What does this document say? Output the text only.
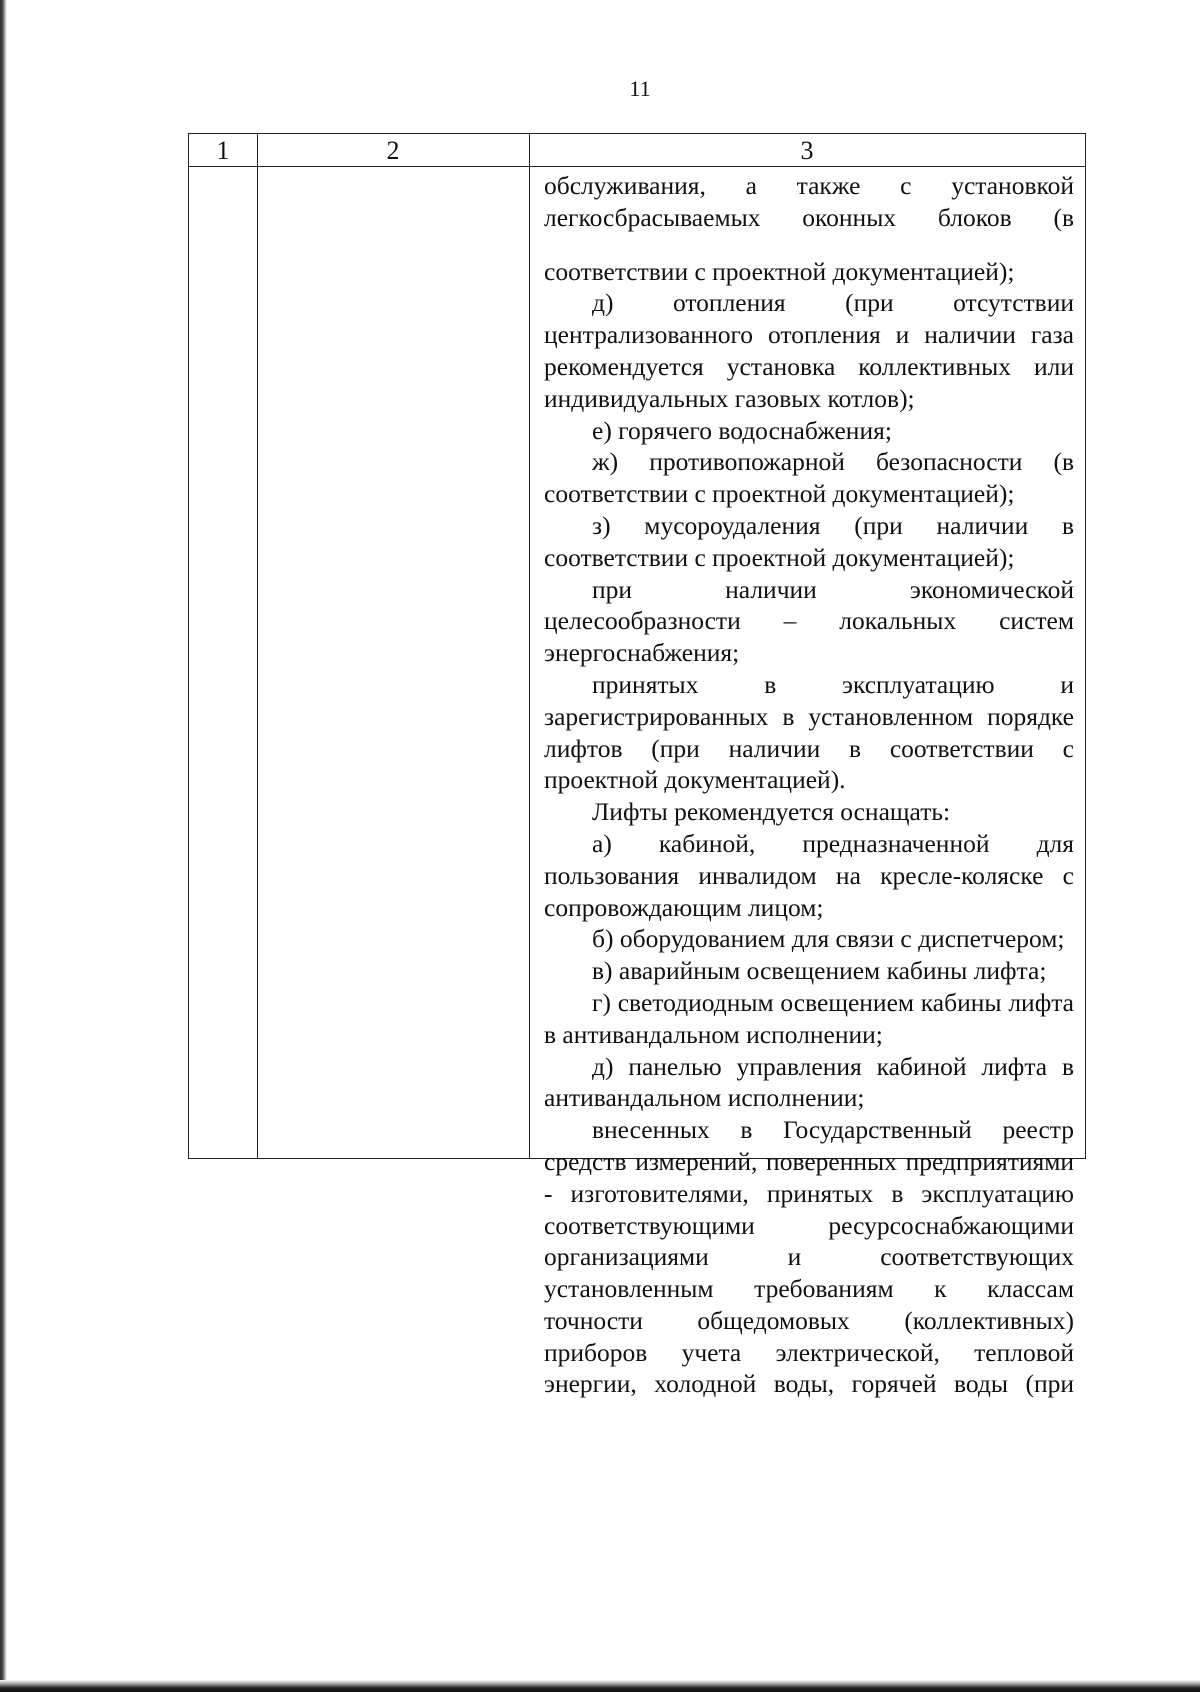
11
1	2	3

обслуживания, а также с установкой легкосбрасываемых оконных блоков (в

соответствии с проектной документацией);

д) отопления (при отсутствии централизованного отопления и наличии газа рекомендуется установка коллективных или индивидуальных газовых котлов);

е) горячего водоснабжения;

ж) противопожарной безопасности (в соответствии с проектной документацией);

з) мусороудаления (при наличии в соответствии с проектной документацией);

при наличии экономической целесообразности – локальных систем энергоснабжения;

принятых в эксплуатацию и зарегистрированных в установленном порядке лифтов (при наличии в соответствии с проектной документацией).

Лифты рекомендуется оснащать:

а) кабиной, предназначенной для пользования инвалидом на кресле-коляске с сопровождающим лицом;

б) оборудованием для связи с диспетчером;

в) аварийным освещением кабины лифта;

г) светодиодным освещением кабины лифта в антивандальном исполнении;

д) панелью управления кабиной лифта в антивандальном исполнении;

внесенных в Государственный реестр средств измерений, поверенных предприятиями - изготовителями, принятых в эксплуатацию соответствующими ресурсоснабжающими организациями и соответствующих установленным требованиям к классам точности общедомовых (коллективных) приборов учета электрической, тепловой энергии, холодной воды, горячей воды (при
